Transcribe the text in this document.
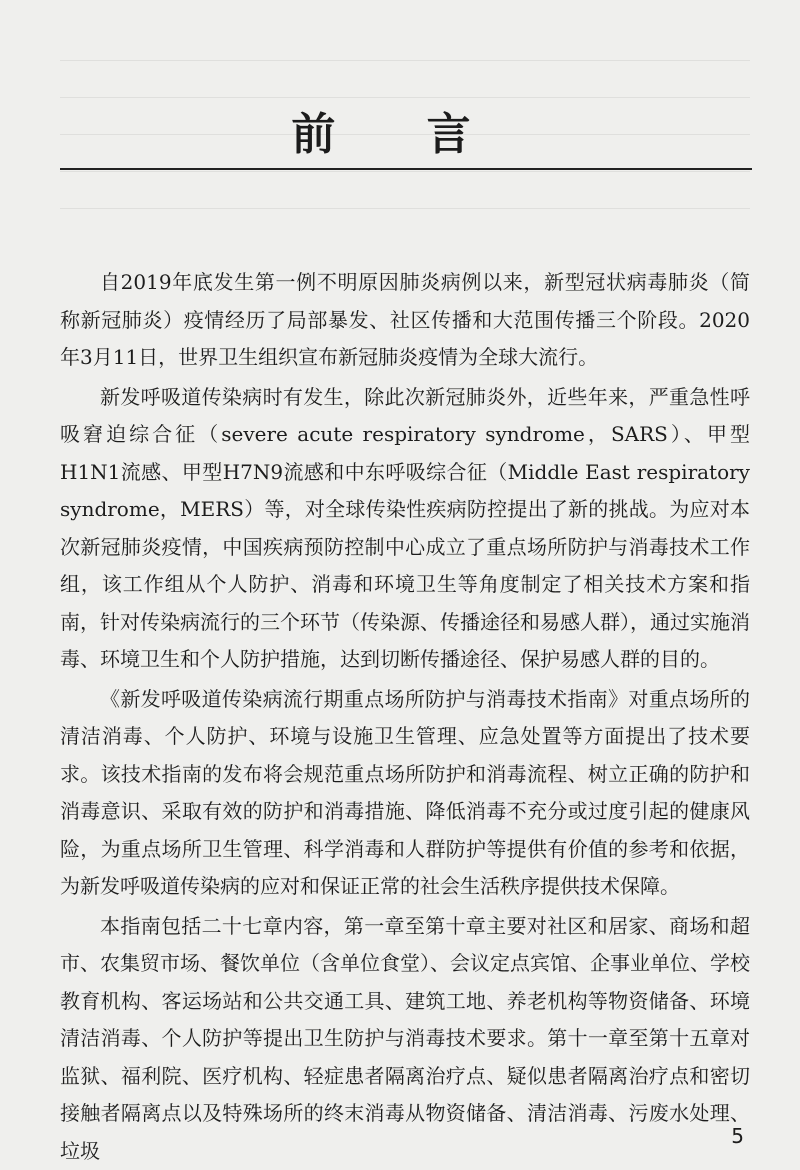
前 言

自2019年底发生第一例不明原因肺炎病例以来，新型冠状病毒肺炎（简称新冠肺炎）疫情经历了局部暴发、社区传播和大范围传播三个阶段。2020年3月11日，世界卫生组织宣布新冠肺炎疫情为全球大流行。

新发呼吸道传染病时有发生，除此次新冠肺炎外，近些年来，严重急性呼吸窘迫综合征（severe acute respiratory syndrome，SARS）、甲型H1N1流感、甲型H7N9流感和中东呼吸综合征（Middle East respiratory syndrome，MERS）等，对全球传染性疾病防控提出了新的挑战。为应对本次新冠肺炎疫情，中国疾病预防控制中心成立了重点场所防护与消毒技术工作组，该工作组从个人防护、消毒和环境卫生等角度制定了相关技术方案和指南，针对传染病流行的三个环节（传染源、传播途径和易感人群），通过实施消毒、环境卫生和个人防护措施，达到切断传播途径、保护易感人群的目的。

《新发呼吸道传染病流行期重点场所防护与消毒技术指南》对重点场所的清洁消毒、个人防护、环境与设施卫生管理、应急处置等方面提出了技术要求。该技术指南的发布将会规范重点场所防护和消毒流程、树立正确的防护和消毒意识、采取有效的防护和消毒措施、降低消毒不充分或过度引起的健康风险，为重点场所卫生管理、科学消毒和人群防护等提供有价值的参考和依据，为新发呼吸道传染病的应对和保证正常的社会生活秩序提供技术保障。

本指南包括二十七章内容，第一章至第十章主要对社区和居家、商场和超市、农集贸市场、餐饮单位（含单位食堂）、会议定点宾馆、企事业单位、学校教育机构、客运场站和公共交通工具、建筑工地、养老机构等物资储备、环境清洁消毒、个人防护等提出卫生防护与消毒技术要求。第十一章至第十五章对监狱、福利院、医疗机构、轻症患者隔离治疗点、疑似患者隔离治疗点和密切接触者隔离点以及特殊场所的终末消毒从物资储备、清洁消毒、污废水处理、垃圾

5
